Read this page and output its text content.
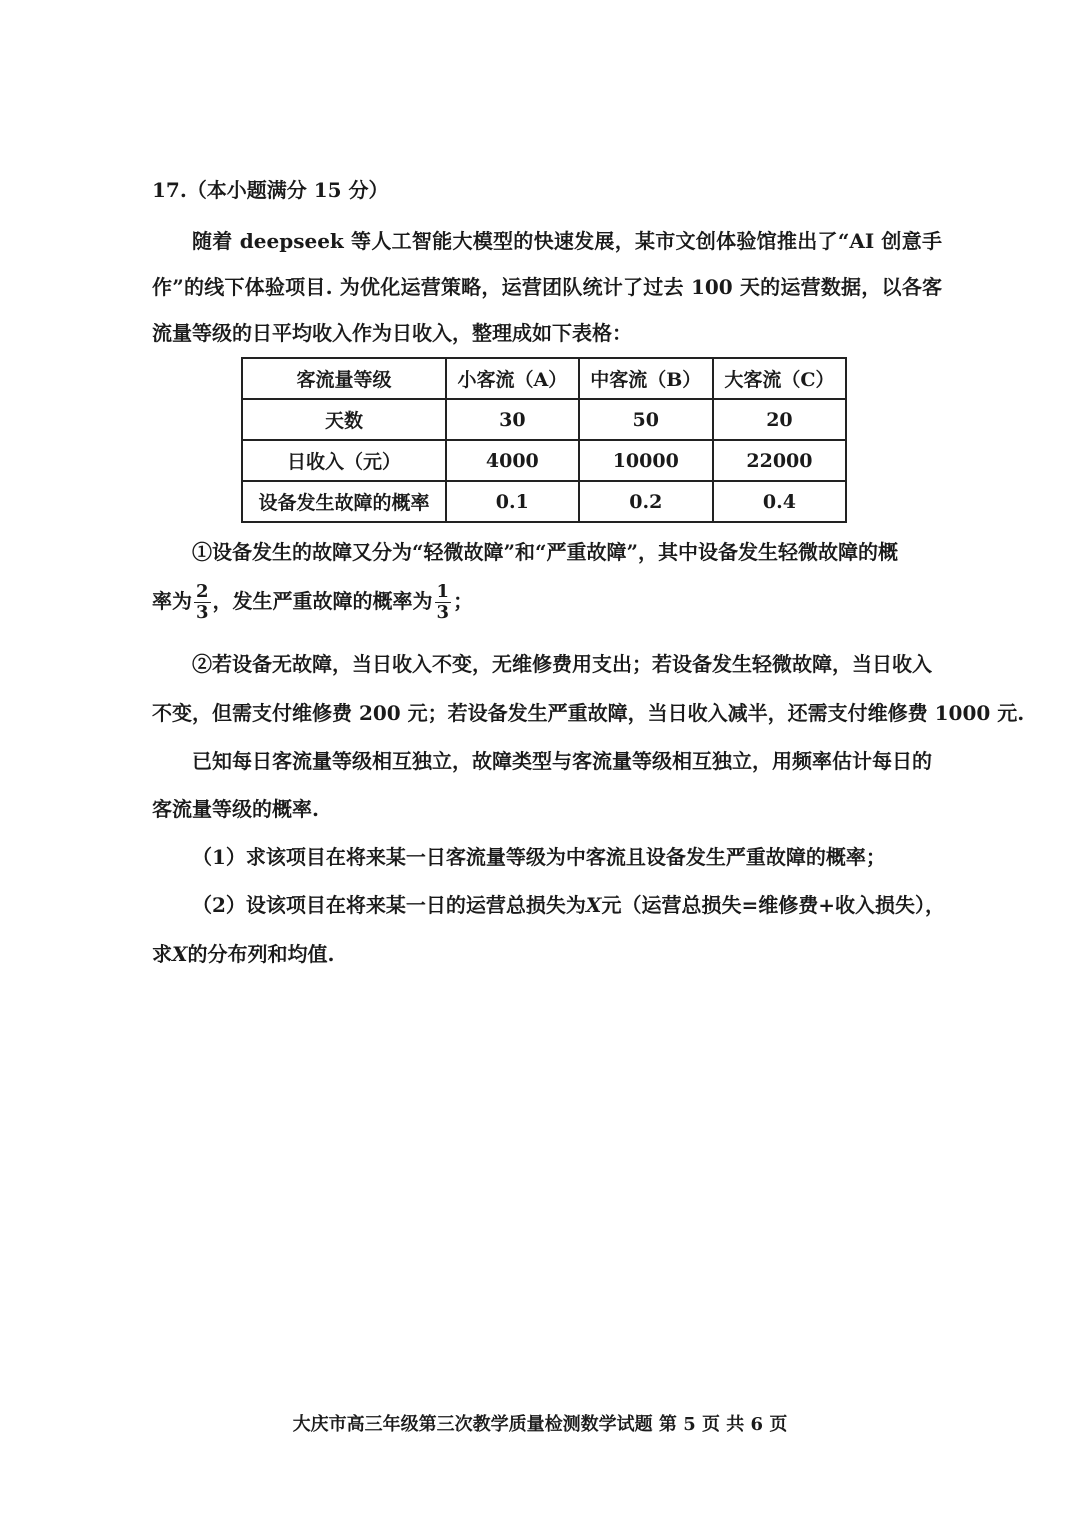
17.（本小题满分 15 分）
随着 deepseek 等人工智能大模型的快速发展，某市文创体验馆推出了“AI 创意手作”的线下体验项目. 为优化运营策略，运营团队统计了过去 100 天的运营数据，以各客流量等级的日平均收入作为日收入，整理成如下表格：
客流量等级	小客流（A）	中客流（B）	大客流（C）
天数	30	50	20
日收入（元）	4000	10000	22000
设备发生故障的概率	0.1	0.2	0.4
①设备发生的故障又分为“轻微故障”和“严重故障”，其中设备发生轻微故障的概
率为 $\frac{2}{3}$ ，发生严重故障的概率为 $\frac{1}{3}$ ；
②若设备无故障，当日收入不变，无维修费用支出；若设备发生轻微故障，当日收入
不变，但需支付维修费 200 元；若设备发生严重故障，当日收入减半，还需支付维修费 1000 元.
已知每日客流量等级相互独立，故障类型与客流量等级相互独立，用频率估计每日的
客流量等级的概率.
（1）求该项目在将来某一日客流量等级为中客流且设备发生严重故障的概率；
（2）设该项目在将来某一日的运营总损失为X元（运营总损失=维修费+收入损失），
求X的分布列和均值.
大庆市高三年级第三次教学质量检测数学试题 第 5 页 共 6 页
